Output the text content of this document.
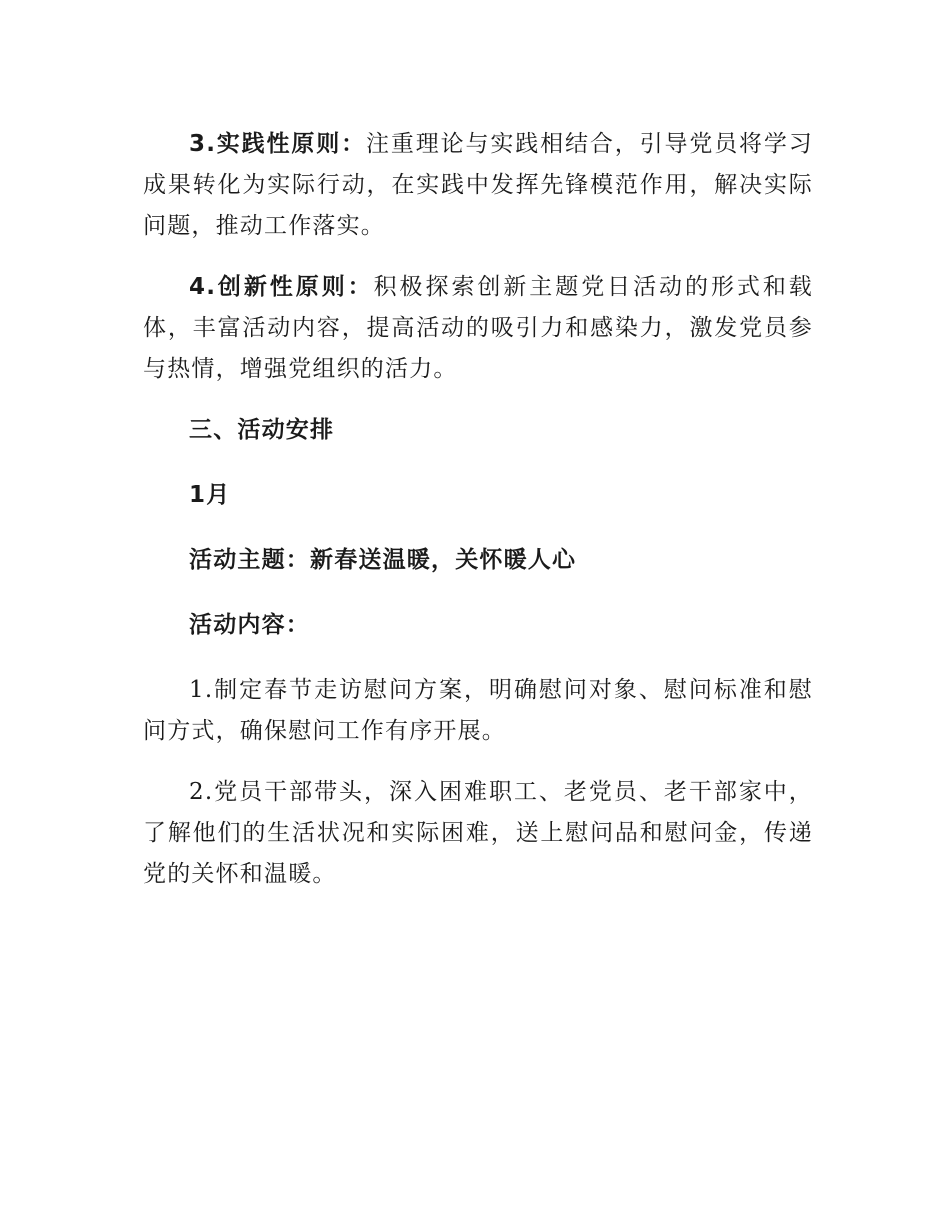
3.实践性原则：注重理论与实践相结合，引导党员将学习成果转化为实际行动，在实践中发挥先锋模范作用，解决实际问题，推动工作落实。

4.创新性原则：积极探索创新主题党日活动的形式和载体，丰富活动内容，提高活动的吸引力和感染力，激发党员参与热情，增强党组织的活力。

三、活动安排

1月

活动主题：新春送温暖，关怀暖人心

活动内容：

1.制定春节走访慰问方案，明确慰问对象、慰问标准和慰问方式，确保慰问工作有序开展。

2.党员干部带头，深入困难职工、老党员、老干部家中，了解他们的生活状况和实际困难，送上慰问品和慰问金，传递党的关怀和温暖。
